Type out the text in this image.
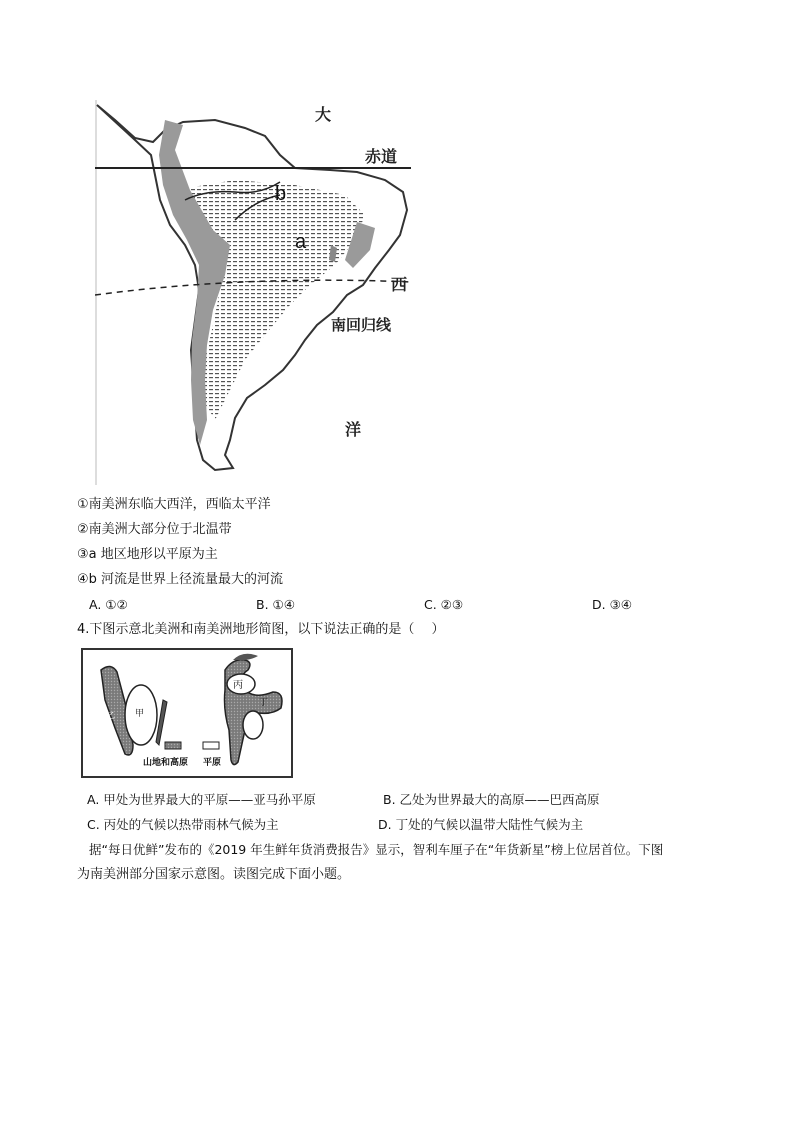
大
赤道
b
a
西
南回归线
洋
①南美洲东临大西洋，西临太平洋
②南美洲大部分位于北温带
③a 地区地形以平原为主
④b 河流是世界上径流量最大的河流
A. ①②	B. ①④	C. ②③	D. ③④
4.下图示意北美洲和南美洲地形简图，以下说法正确的是（　 ）
乙 甲
丙
丁
山地和高原 平原
A. 甲处为世界最大的平原——亚马孙平原	B. 乙处为世界最大的高原——巴西高原
C. 丙处的气候以热带雨林气候为主	D. 丁处的气候以温带大陆性气候为主
据“每日优鲜”发布的《2019 年生鲜年货消费报告》显示，智利车厘子在“年货新星”榜上位居首位。下图
为南美洲部分国家示意图。读图完成下面小题。
